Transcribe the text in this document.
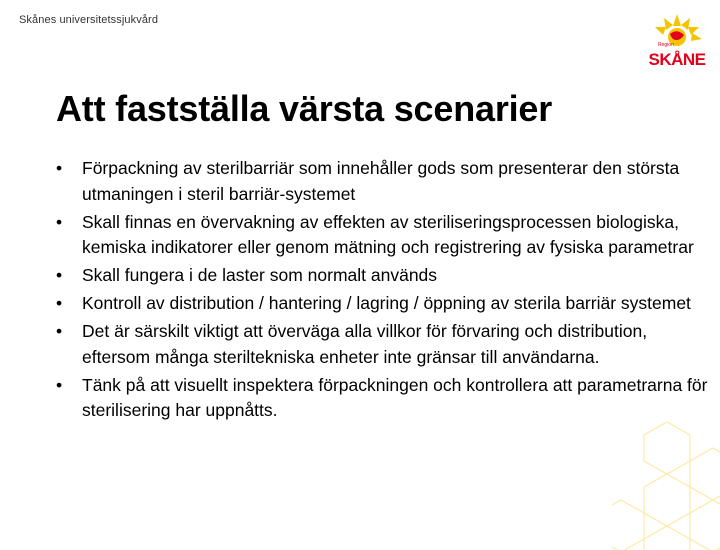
Skånes universitetssjukvård
Region
SKÅNE
Att fastställa värsta scenarier
•	Förpackning av sterilbarriär som innehåller gods som presenterar den största utmaningen i steril barriär-systemet
•	Skall finnas en övervakning av effekten av steriliseringsprocessen biologiska, kemiska indikatorer eller genom mätning och registrering av fysiska parametrar
•	Skall fungera i de laster som normalt används
•	Kontroll av distribution / hantering / lagring / öppning av sterila barriär systemet
•	Det är särskilt viktigt att överväga alla villkor för förvaring och distribution, eftersom många steriltekniska enheter inte gränsar till användarna.
•	Tänk på att visuellt inspektera förpackningen och kontrollera att parametrarna för sterilisering har uppnåtts.
